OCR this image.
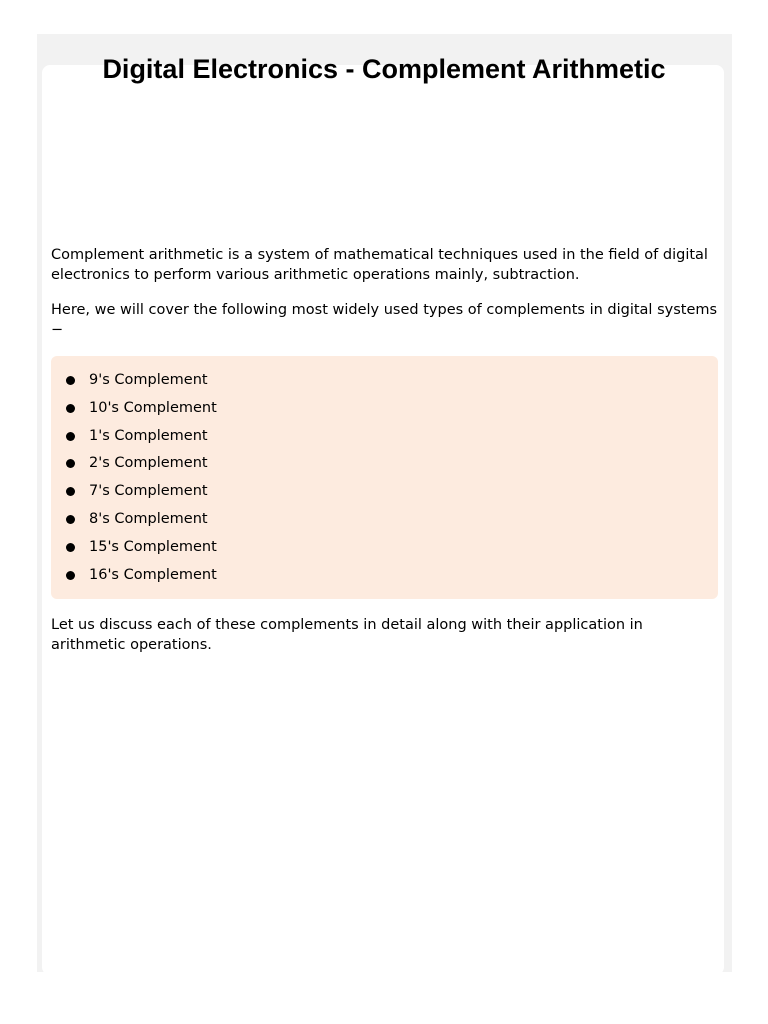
Digital Electronics - Complement Arithmetic

Complement arithmetic is a system of mathematical techniques used in the field of digital electronics to perform various arithmetic operations mainly, subtraction.

Here, we will cover the following most widely used types of complements in digital systems −

9's Complement
10's Complement
1's Complement
2's Complement
7's Complement
8's Complement
15's Complement
16's Complement

Let us discuss each of these complements in detail along with their application in arithmetic operations.
